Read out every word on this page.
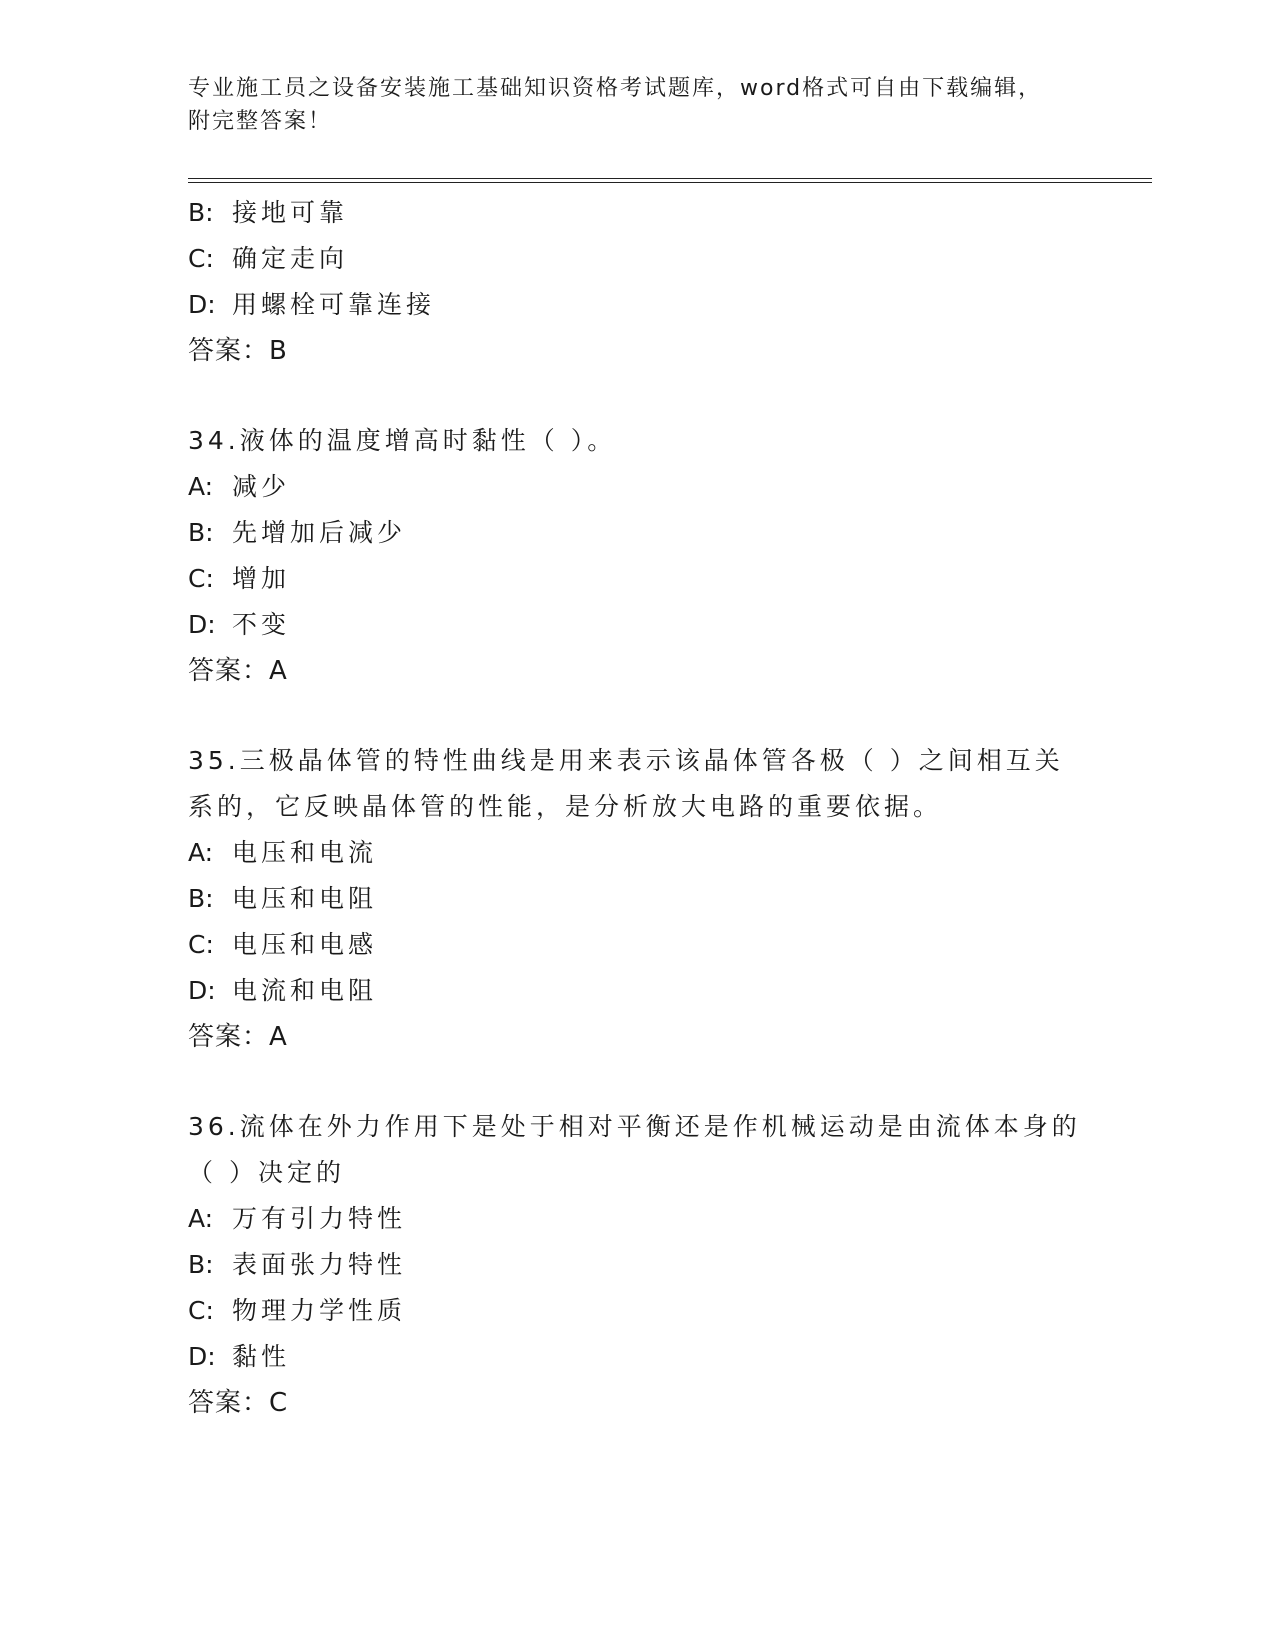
专业施工员之设备安装施工基础知识资格考试题库，word格式可自由下载编辑，
附完整答案！
B: 接地可靠
C: 确定走向
D: 用螺栓可靠连接
答案：B
34.液体的温度增高时黏性（ ）。
A: 减少
B: 先增加后减少
C: 增加
D: 不变
答案：A
35.三极晶体管的特性曲线是用来表示该晶体管各极（ ）之间相互关
系的，它反映晶体管的性能，是分析放大电路的重要依据。
A: 电压和电流
B: 电压和电阻
C: 电压和电感
D: 电流和电阻
答案：A
36.流体在外力作用下是处于相对平衡还是作机械运动是由流体本身的
（ ）决定的
A: 万有引力特性
B: 表面张力特性
C: 物理力学性质
D: 黏性
答案：C
